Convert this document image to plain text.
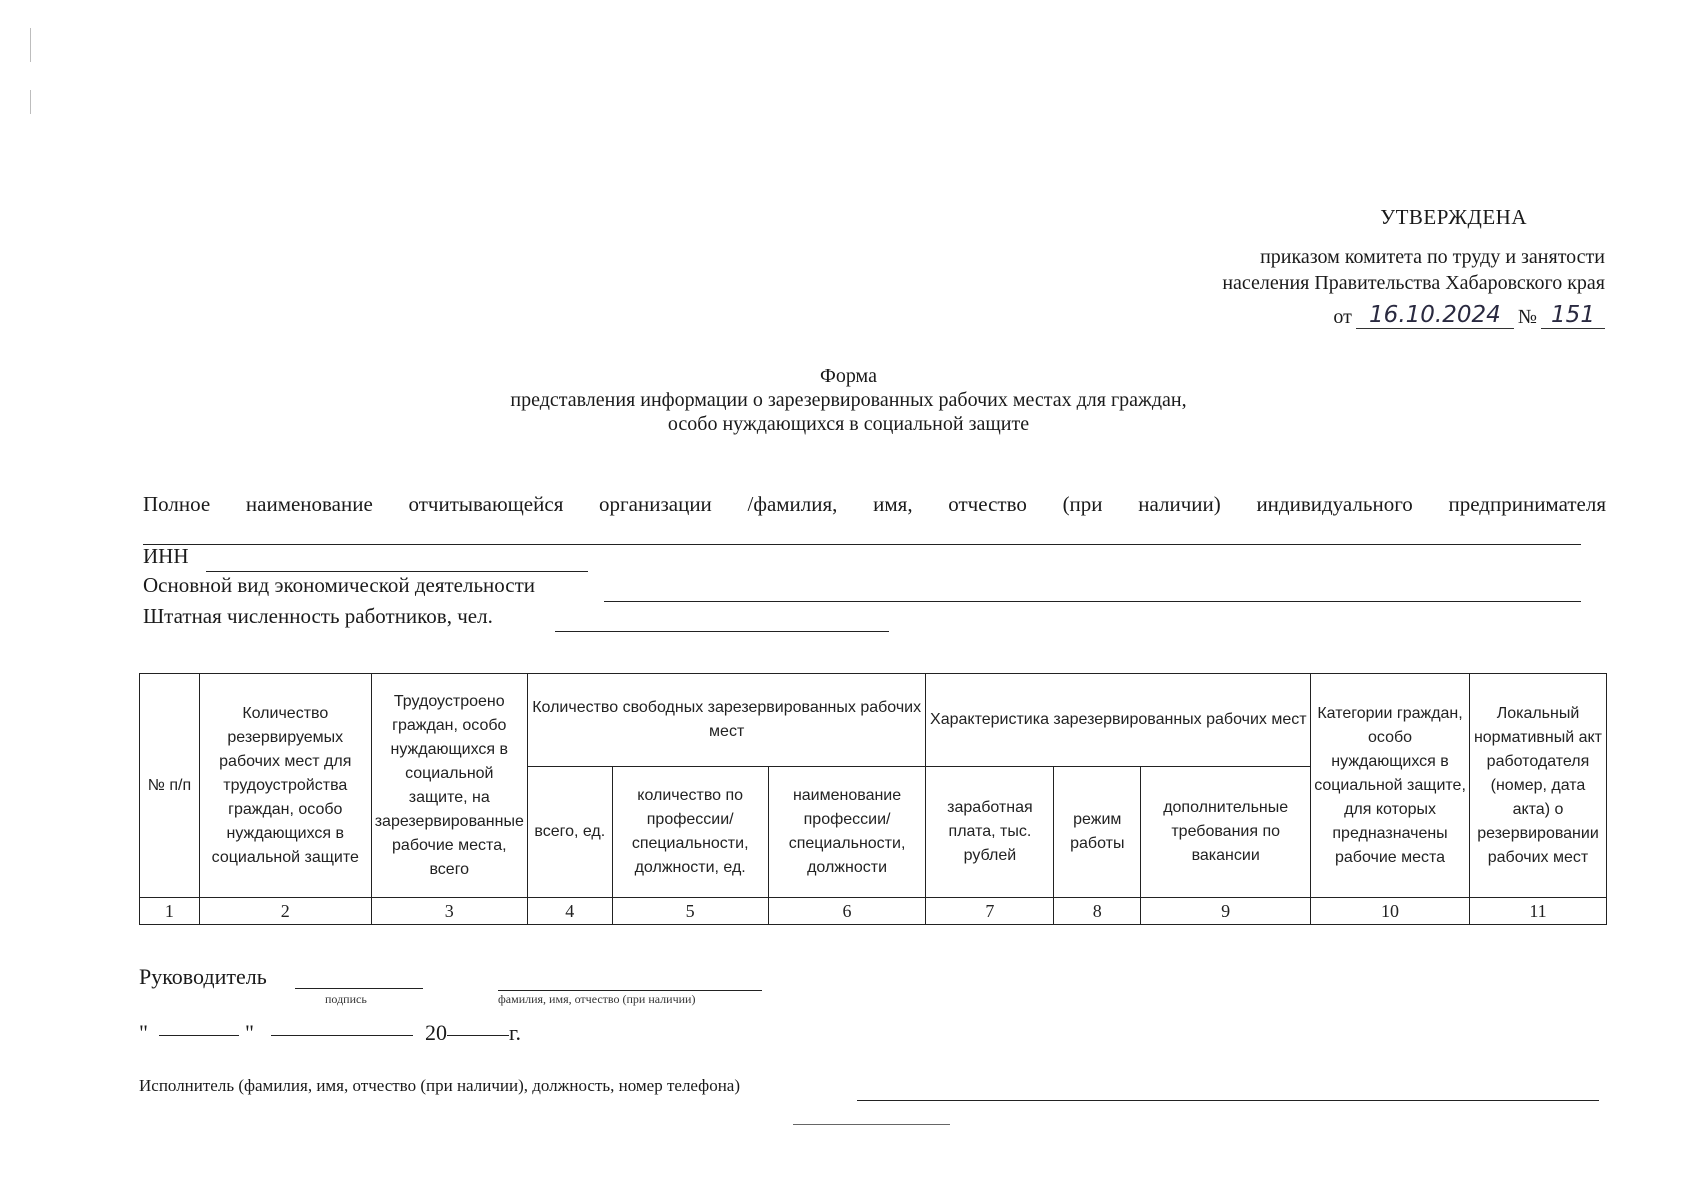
УТВЕРЖДЕНА
приказом комитета по труду и занятости
населения Правительства Хабаровского края
от 16.10.2024 № 151
Форма
представления информации о зарезервированных рабочих местах для граждан,
особо нуждающихся в социальной защите
Полное наименование отчитывающейся организации /фамилия, имя, отчество (при наличии) индивидуального предпринимателя
ИНН
Основной вид экономической деятельности
Штатная численность работников, чел.
№ п/п	Количество резервируемых рабочих мест для трудоустройства граждан, особо нуждающихся в социальной защите	Трудоустроено граждан, особо нуждающихся в социальной защите, на зарезервированные рабочие места, всего	Количество свободных зарезервированных рабочих мест			Характеристика зарезервированных рабочих мест			Категории граждан, особо нуждающихся в социальной защите, для которых предназначены рабочие места	Локальный нормативный акт работодателя (номер, дата акта) о резервировании рабочих мест
			всего, ед.	количество по профессии/ специальности, должности, ед.	наименование профессии/ специальности, должности	заработная плата, тыс. рублей	режим работы	дополнительные требования по вакансии		
1	2	3	4	5	6	7	8	9	10	11
Руководитель
подпись	фамилия, имя, отчество (при наличии)
"	"	20	г.
Исполнитель (фамилия, имя, отчество (при наличии), должность, номер телефона)
